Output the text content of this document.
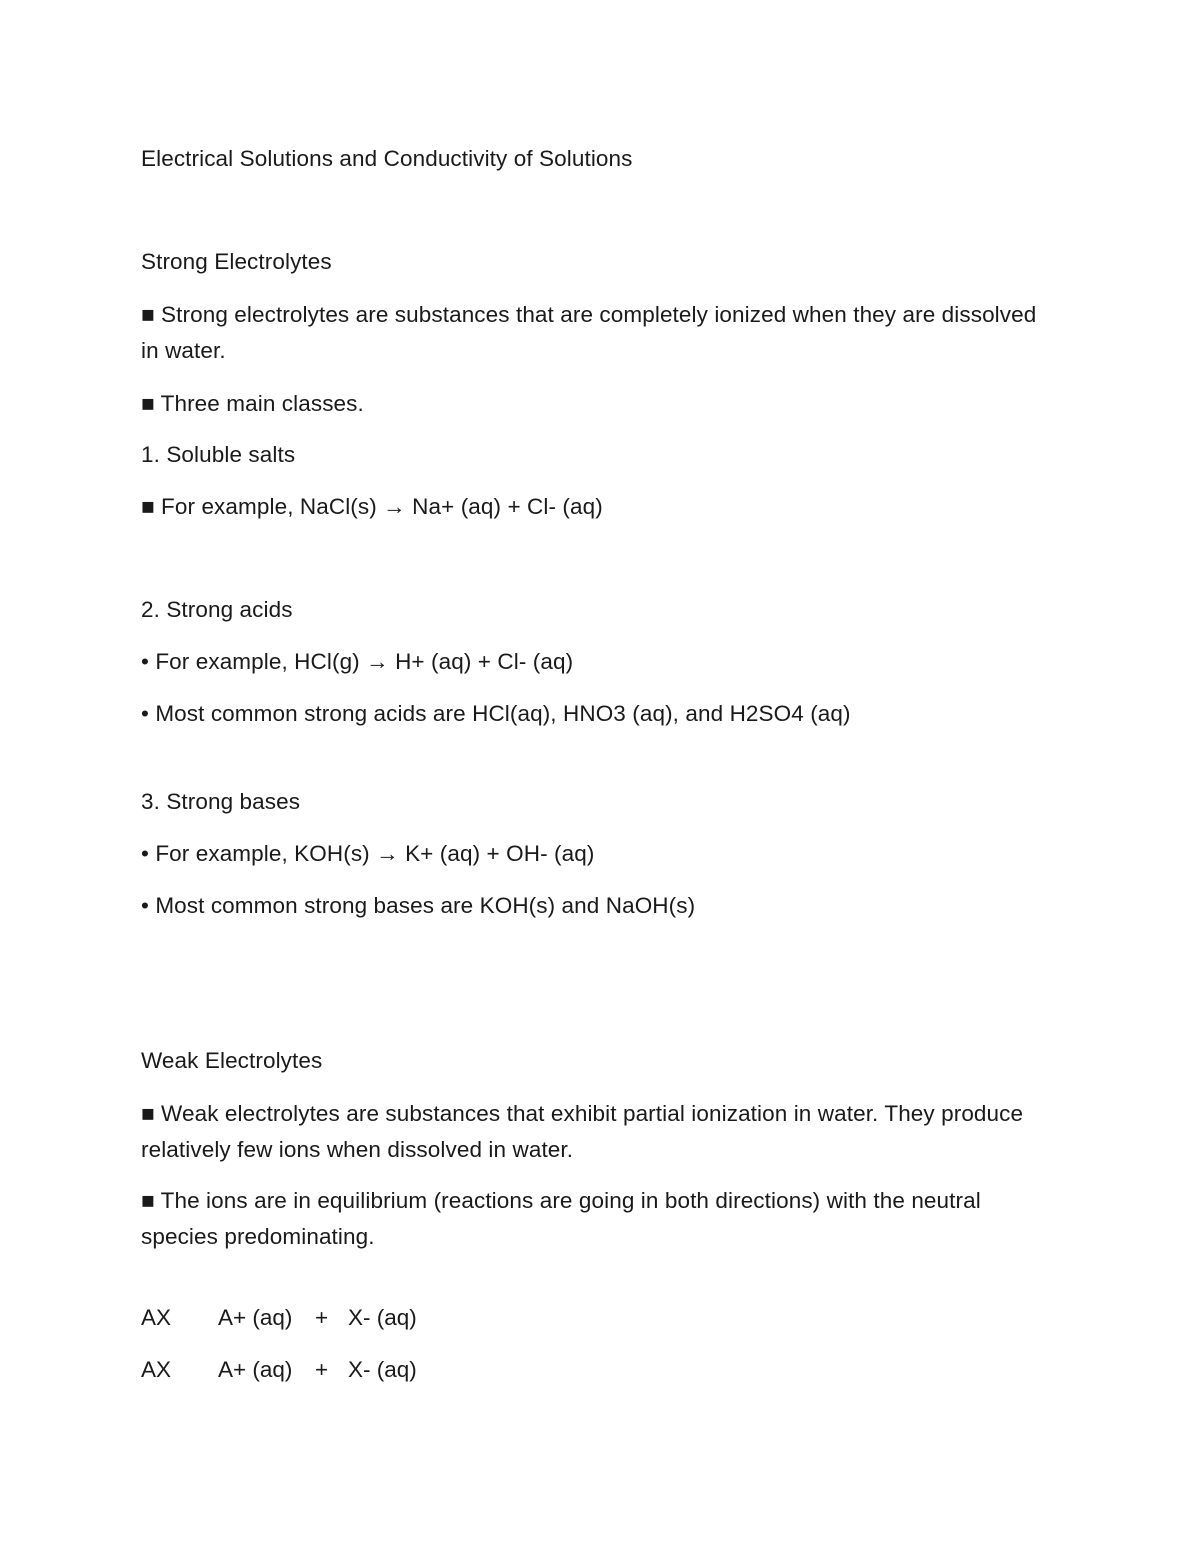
Electrical Solutions and Conductivity of Solutions
Strong Electrolytes
■ Strong electrolytes are substances that are completely ionized when they are dissolved in water.
■ Three main classes.
1. Soluble salts
■ For example, NaCl(s) → Na+ (aq) + Cl- (aq)
2. Strong acids
• For example, HCl(g) → H+ (aq) + Cl- (aq)
• Most common strong acids are HCl(aq), HNO3 (aq), and H2SO4 (aq)
3. Strong bases
• For example, KOH(s) → K+ (aq) + OH- (aq)
• Most common strong bases are KOH(s) and NaOH(s)
Weak Electrolytes
■ Weak electrolytes are substances that exhibit partial ionization in water. They produce relatively few ions when dissolved in water.
■ The ions are in equilibrium (reactions are going in both directions) with the neutral species predominating.
AX A+ (aq) + X- (aq)
AX A+ (aq) + X- (aq)
